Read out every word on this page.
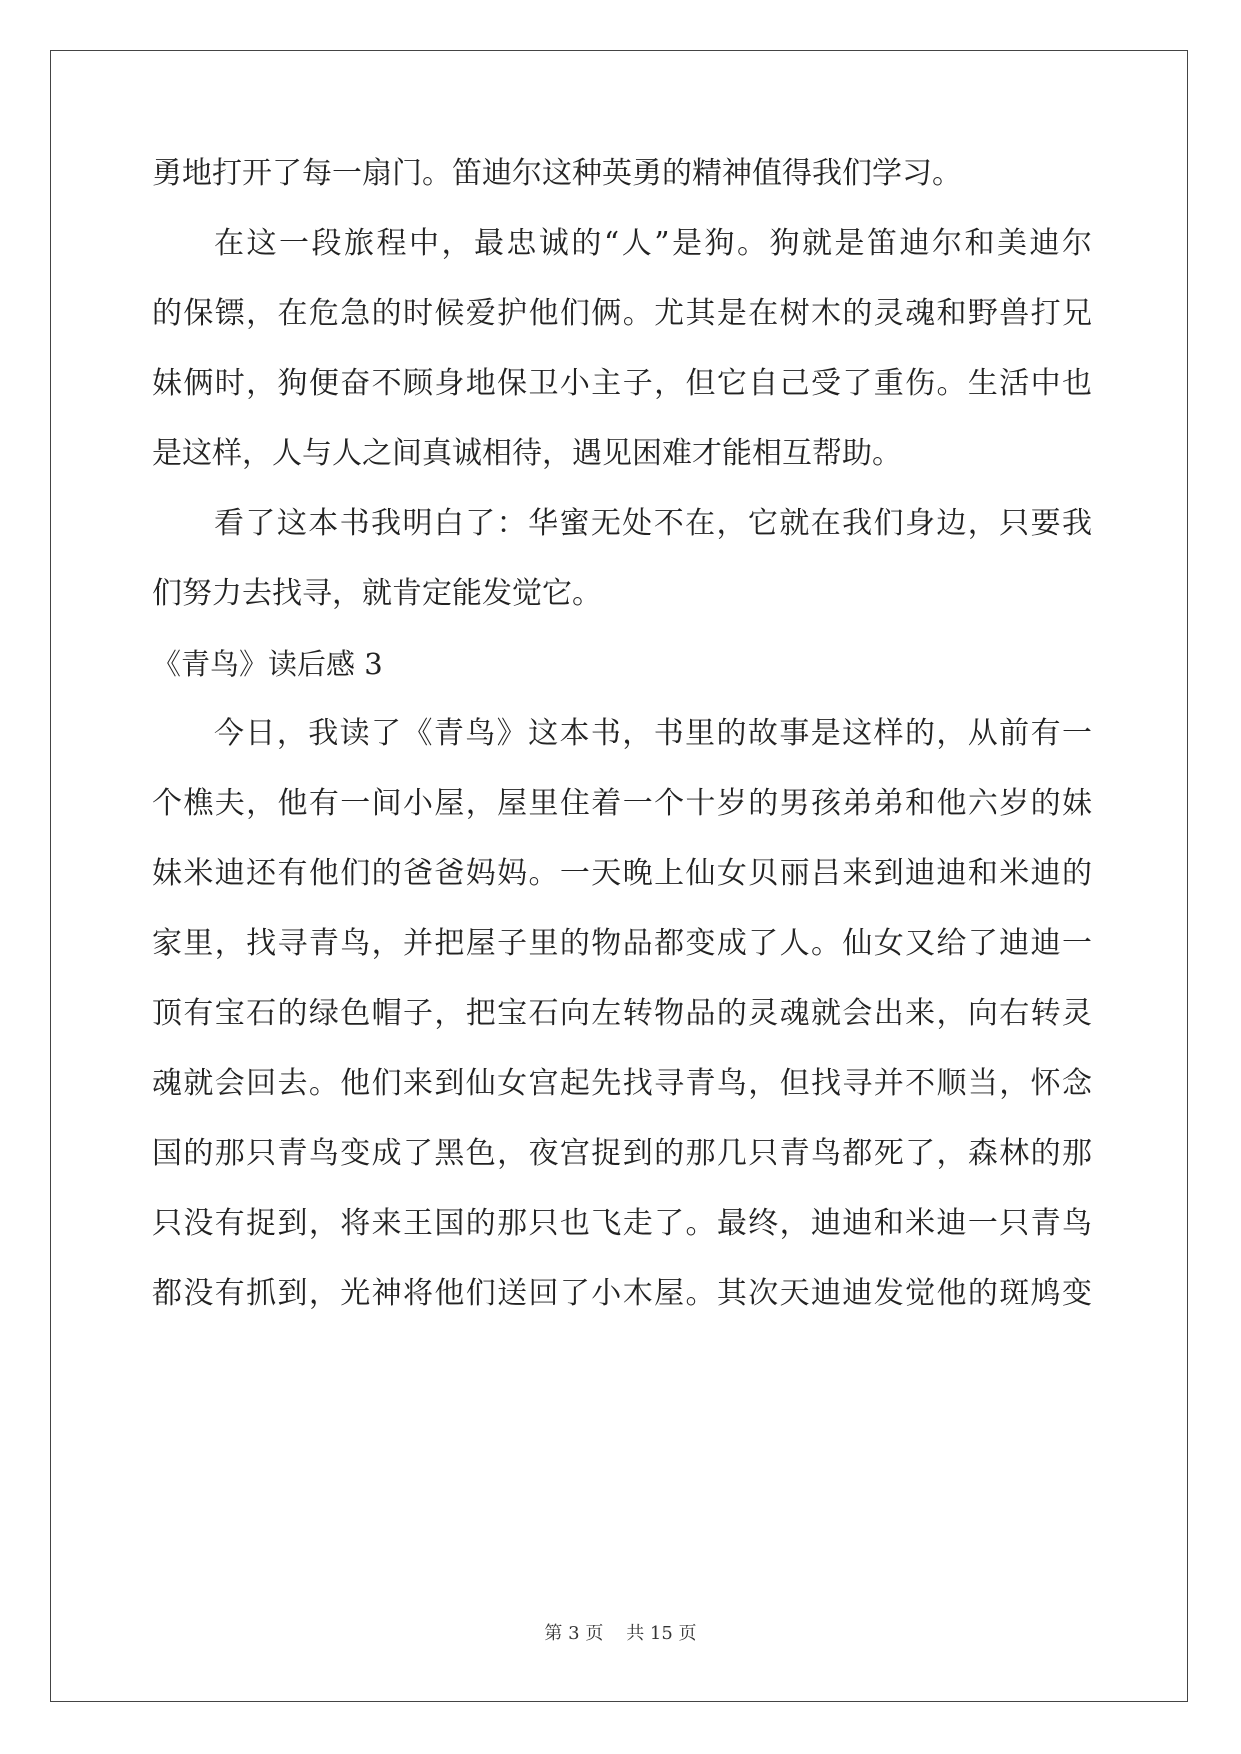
勇地打开了每一扇门。笛迪尔这种英勇的精神值得我们学习。
在这一段旅程中，最忠诚的“人”是狗。狗就是笛迪尔和美迪尔
的保镖，在危急的时候爱护他们俩。尤其是在树木的灵魂和野兽打兄
妹俩时，狗便奋不顾身地保卫小主子，但它自己受了重伤。生活中也
是这样，人与人之间真诚相待，遇见困难才能相互帮助。
看了这本书我明白了：华蜜无处不在，它就在我们身边，只要我
们努力去找寻，就肯定能发觉它。
《青鸟》读后感 3
今日，我读了《青鸟》这本书，书里的故事是这样的，从前有一
个樵夫，他有一间小屋，屋里住着一个十岁的男孩弟弟和他六岁的妹
妹米迪还有他们的爸爸妈妈。一天晚上仙女贝丽吕来到迪迪和米迪的
家里，找寻青鸟，并把屋子里的物品都变成了人。仙女又给了迪迪一
顶有宝石的绿色帽子，把宝石向左转物品的灵魂就会出来，向右转灵
魂就会回去。他们来到仙女宫起先找寻青鸟，但找寻并不顺当，怀念
国的那只青鸟变成了黑色，夜宫捉到的那几只青鸟都死了，森林的那
只没有捉到，将来王国的那只也飞走了。最终，迪迪和米迪一只青鸟
都没有抓到，光神将他们送回了小木屋。其次天迪迪发觉他的斑鸠变
第 3 页    共 15 页
